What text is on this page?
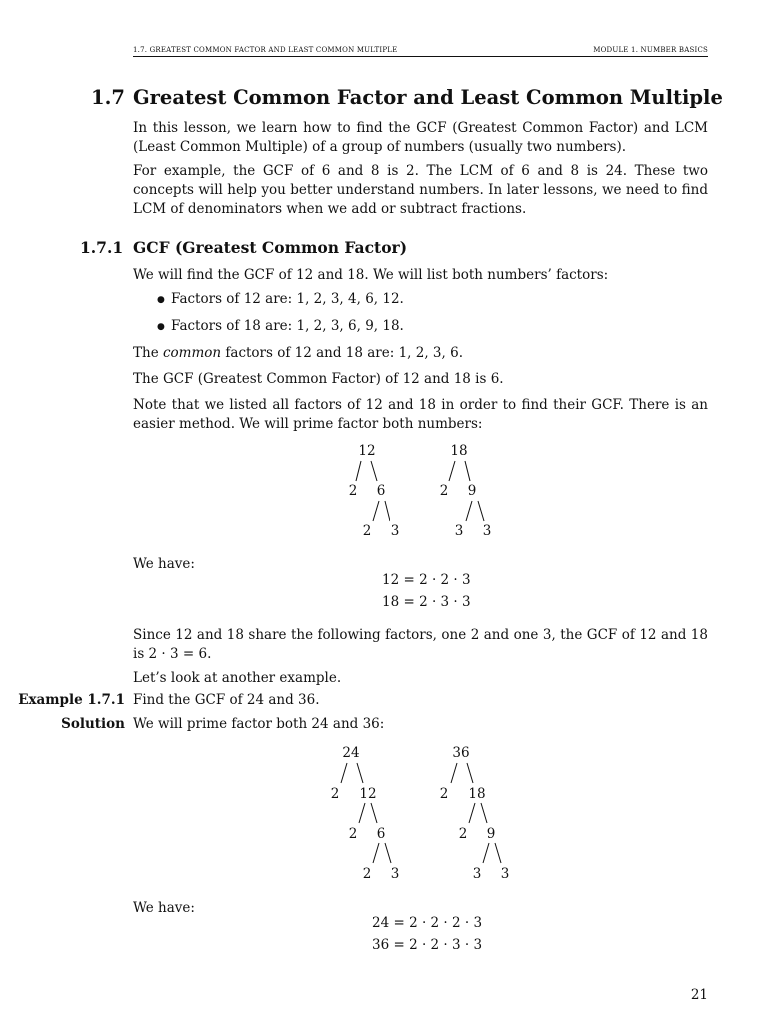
1.7. GREATEST COMMON FACTOR AND LEAST COMMON MULTIPLE	MODULE 1. NUMBER BASICS
1.7 Greatest Common Factor and Least Common Multiple
In this lesson, we learn how to find the GCF (Greatest Common Factor) and LCM (Least Common Multiple) of a group of numbers (usually two numbers).
For example, the GCF of 6 and 8 is 2. The LCM of 6 and 8 is 24. These two concepts will help you better understand numbers. In later lessons, we need to find LCM of denominators when we add or subtract fractions.
1.7.1 GCF (Greatest Common Factor)
We will find the GCF of 12 and 18. We will list both numbers’ factors:
● Factors of 12 are: 1, 2, 3, 4, 6, 12.
● Factors of 18 are: 1, 2, 3, 6, 9, 18.
The common factors of 12 and 18 are: 1, 2, 3, 6.
The GCF (Greatest Common Factor) of 12 and 18 is 6.
Note that we listed all factors of 12 and 18 in order to find their GCF. There is an easier method. We will prime factor both numbers:
12
2	6
2	3
18
2	9
3	3
We have:
12 = 2 · 2 · 3
18 = 2 · 3 · 3
Since 12 and 18 share the following factors, one 2 and one 3, the GCF of 12 and 18 is 2 · 3 = 6.
Let’s look at another example.
Example 1.7.1 Find the GCF of 24 and 36.
Solution We will prime factor both 24 and 36:
24
2	12
2	6
2	3
36
2	18
2	9
3	3
We have:
24 = 2 · 2 · 2 · 3
36 = 2 · 2 · 3 · 3
21
